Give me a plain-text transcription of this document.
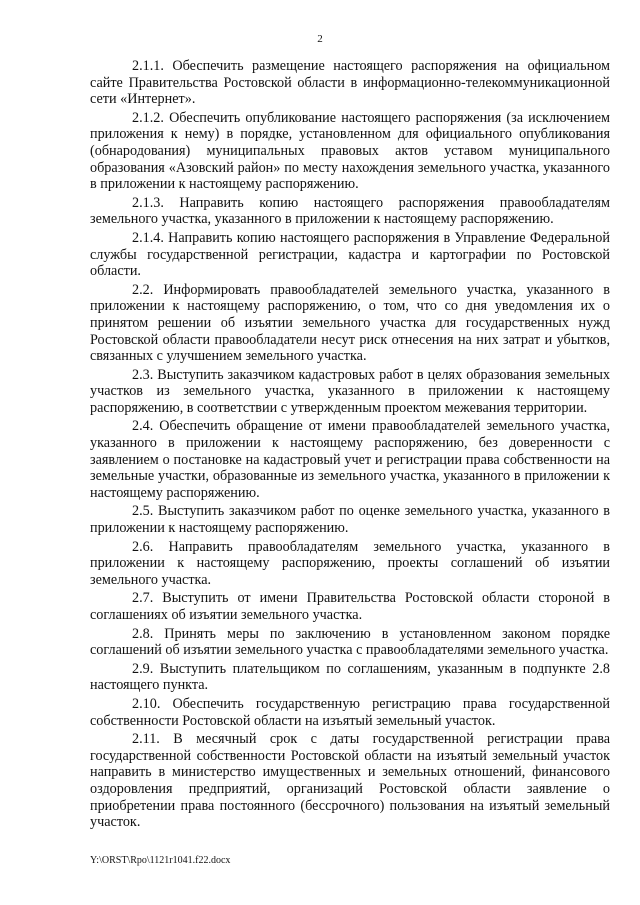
2

2.1.1. Обеспечить размещение настоящего распоряжения на официальном сайте Правительства Ростовской области в информационно-телекоммуникационной сети «Интернет».

2.1.2. Обеспечить опубликование настоящего распоряжения (за исключением приложения к нему) в порядке, установленном для официального опубликования (обнародования) муниципальных правовых актов уставом муниципального образования «Азовский район» по месту нахождения земельного участка, указанного в приложении к настоящему распоряжению.

2.1.3. Направить копию настоящего распоряжения правообладателям земельного участка, указанного в приложении к настоящему распоряжению.

2.1.4. Направить копию настоящего распоряжения в Управление Федеральной службы государственной регистрации, кадастра и картографии по Ростовской области.

2.2. Информировать правообладателей земельного участка, указанного в приложении к настоящему распоряжению, о том, что со дня уведомления их о принятом решении об изъятии земельного участка для государственных нужд Ростовской области правообладатели несут риск отнесения на них затрат и убытков, связанных с улучшением земельного участка.

2.3. Выступить заказчиком кадастровых работ в целях образования земельных участков из земельного участка, указанного в приложении к настоящему распоряжению, в соответствии с утвержденным проектом межевания территории.

2.4. Обеспечить обращение от имени правообладателей земельного участка, указанного в приложении к настоящему распоряжению, без доверенности с заявлением о постановке на кадастровый учет и регистрации права собственности на земельные участки, образованные из земельного участка, указанного в приложении к настоящему распоряжению.

2.5. Выступить заказчиком работ по оценке земельного участка, указанного в приложении к настоящему распоряжению.

2.6. Направить правообладателям земельного участка, указанного в приложении к настоящему распоряжению, проекты соглашений об изъятии земельного участка.

2.7. Выступить от имени Правительства Ростовской области стороной в соглашениях об изъятии земельного участка.

2.8. Принять меры по заключению в установленном законом порядке соглашений об изъятии земельного участка с правообладателями земельного участка.

2.9. Выступить плательщиком по соглашениям, указанным в подпункте 2.8 настоящего пункта.

2.10. Обеспечить государственную регистрацию права государственной собственности Ростовской области на изъятый земельный участок.

2.11. В месячный срок с даты государственной регистрации права государственной собственности Ростовской области на изъятый земельный участок направить в министерство имущественных и земельных отношений, финансового оздоровления предприятий, организаций Ростовской области заявление о приобретении права постоянного (бессрочного) пользования на изъятый земельный участок.

Y:\ORST\Rpo\1121r1041.f22.docx
